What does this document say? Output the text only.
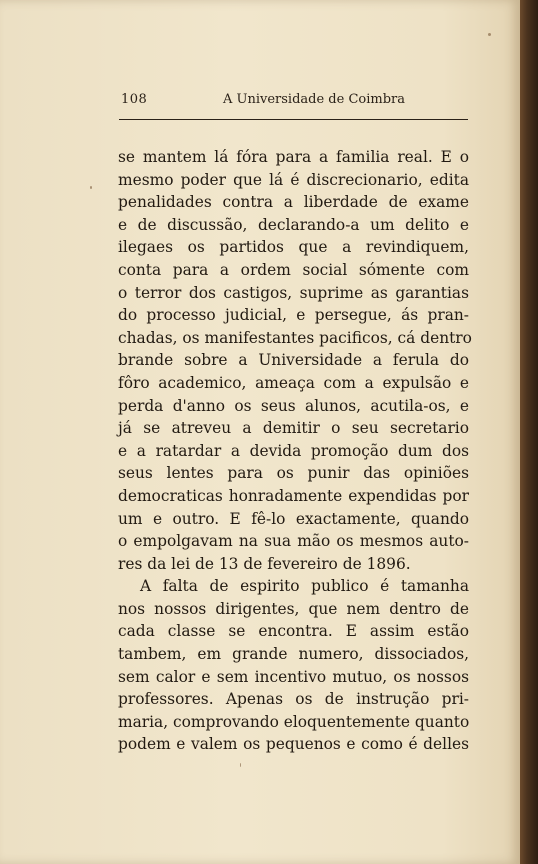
108	A Universidade de Coimbra
se mantem lá fóra para a familia real. E o
mesmo poder que lá é discrecionario, edita
penalidades contra a liberdade de exame
e de discussão, declarando-a um delito e
ilegaes os partidos que a revindiquem,
conta para a ordem social sómente com
o terror dos castigos, suprime as garantias
do processo judicial, e persegue, ás pran-
chadas, os manifestantes pacificos, cá dentro
brande sobre a Universidade a ferula do
fôro academico, ameaça com a expulsão e
perda d'anno os seus alunos, acutila-os, e
já se atreveu a demitir o seu secretario
e a ratardar a devida promoção dum dos
seus lentes para os punir das opiniões
democraticas honradamente expendidas por
um e outro. E fê-lo exactamente, quando
o empolgavam na sua mão os mesmos auto-
res da lei de 13 de fevereiro de 1896.
A falta de espirito publico é tamanha
nos nossos dirigentes, que nem dentro de
cada classe se encontra. E assim estão
tambem, em grande numero, dissociados,
sem calor e sem incentivo mutuo, os nossos
professores. Apenas os de instrução pri-
maria, comprovando eloquentemente quanto
podem e valem os pequenos e como é delles
